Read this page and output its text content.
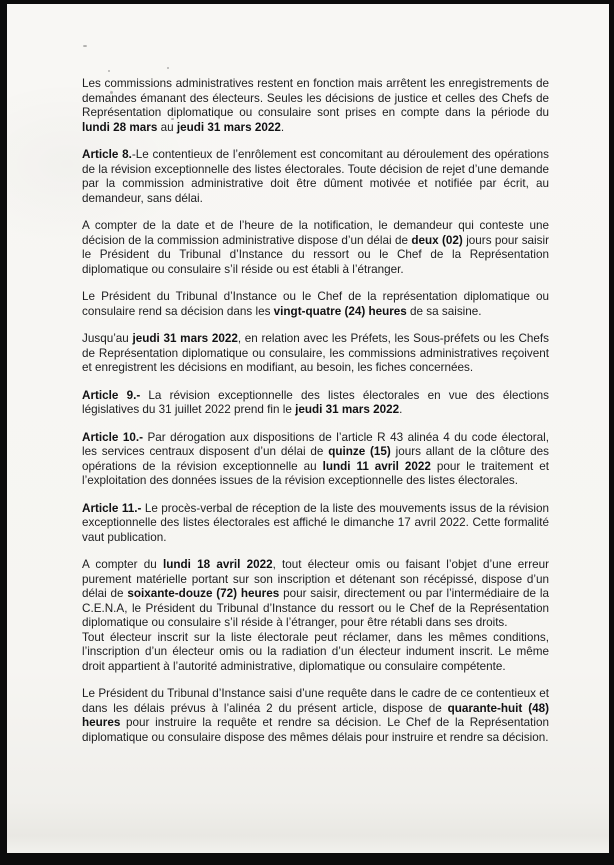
Les commissions administratives restent en fonction mais arrêtent les enregistrements de demandes émanant des électeurs. Seules les décisions de justice et celles des Chefs de Représentation diplomatique ou consulaire sont prises en compte dans la période du lundi 28 mars au jeudi 31 mars 2022.

Article 8.-Le contentieux de l’enrôlement est concomitant au déroulement des opérations de la révision exceptionnelle des listes électorales. Toute décision de rejet d’une demande par la commission administrative doit être dûment motivée et notifiée par écrit, au demandeur, sans délai.

A compter de la date et de l’heure de la notification, le demandeur qui conteste une décision de la commission administrative dispose d’un délai de deux (02) jours pour saisir le Président du Tribunal d’Instance du ressort ou le Chef de la Représentation diplomatique ou consulaire s’il réside ou est établi à l’étranger.

Le Président du Tribunal d’Instance ou le Chef de la représentation diplomatique ou consulaire rend sa décision dans les vingt-quatre (24) heures de sa saisine.

Jusqu’au jeudi 31 mars 2022, en relation avec les Préfets, les Sous-préfets ou les Chefs de Représentation diplomatique ou consulaire, les commissions administratives reçoivent et enregistrent les décisions en modifiant, au besoin, les fiches concernées.

Article 9.- La révision exceptionnelle des listes électorales en vue des élections législatives du 31 juillet 2022 prend fin le jeudi 31 mars 2022.

Article 10.- Par dérogation aux dispositions de l’article R 43 alinéa 4 du code électoral, les services centraux disposent d’un délai de quinze (15) jours allant de la clôture des opérations de la révision exceptionnelle au lundi 11 avril 2022 pour le traitement et l’exploitation des données issues de la révision exceptionnelle des listes électorales.

Article 11.- Le procès-verbal de réception de la liste des mouvements issus de la révision exceptionnelle des listes électorales est affiché le dimanche 17 avril 2022. Cette formalité vaut publication.

A compter du lundi 18 avril 2022, tout électeur omis ou faisant l’objet d’une erreur purement matérielle portant sur son inscription et détenant son récépissé, dispose d’un délai de soixante-douze (72) heures pour saisir, directement ou par l’intermédiaire de la C.E.N.A, le Président du Tribunal d’Instance du ressort ou le Chef de la Représentation diplomatique ou consulaire s’il réside à l’étranger, pour être rétabli dans ses droits.

Tout électeur inscrit sur la liste électorale peut réclamer, dans les mêmes conditions, l’inscription d’un électeur omis ou la radiation d’un électeur indument inscrit. Le même droit appartient à l’autorité administrative, diplomatique ou consulaire compétente.

Le Président du Tribunal d’Instance saisi d’une requête dans le cadre de ce contentieux et dans les délais prévus à l’alinéa 2 du présent article, dispose de quarante-huit (48) heures pour instruire la requête et rendre sa décision. Le Chef de la Représentation diplomatique ou consulaire dispose des mêmes délais pour instruire et rendre sa décision.
